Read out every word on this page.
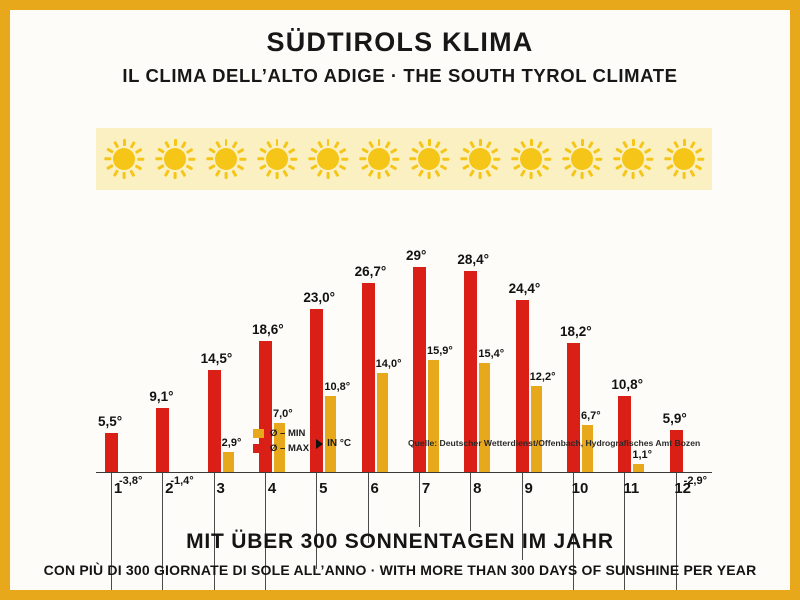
SÜDTIROLS KLIMA
IL CLIMA DELL’ALTO ADIGE · THE SOUTH TYROL CLIMATE
5,5°
-3,8°
9,1°
-1,4°
14,5°
2,9°
18,6°
7,0°
23,0°
10,8°
26,7°
14,0°
29°
15,9°
28,4°
15,4°
24,4°
12,2°
18,2°
6,7°
10,8°
1,1°
5,9°
-2,9°
1	2	3	4	5	6	7	8	9	10	11	12
Ø – MIN
Ø – MAX IN °C	Quelle: Deutscher Wetterdienst/Offenbach, Hydrografisches Amt Bozen
MIT ÜBER 300 SONNENTAGEN IM JAHR
CON PIÙ DI 300 GIORNATE DI SOLE ALL’ANNO · WITH MORE THAN 300 DAYS OF SUNSHINE PER YEAR
